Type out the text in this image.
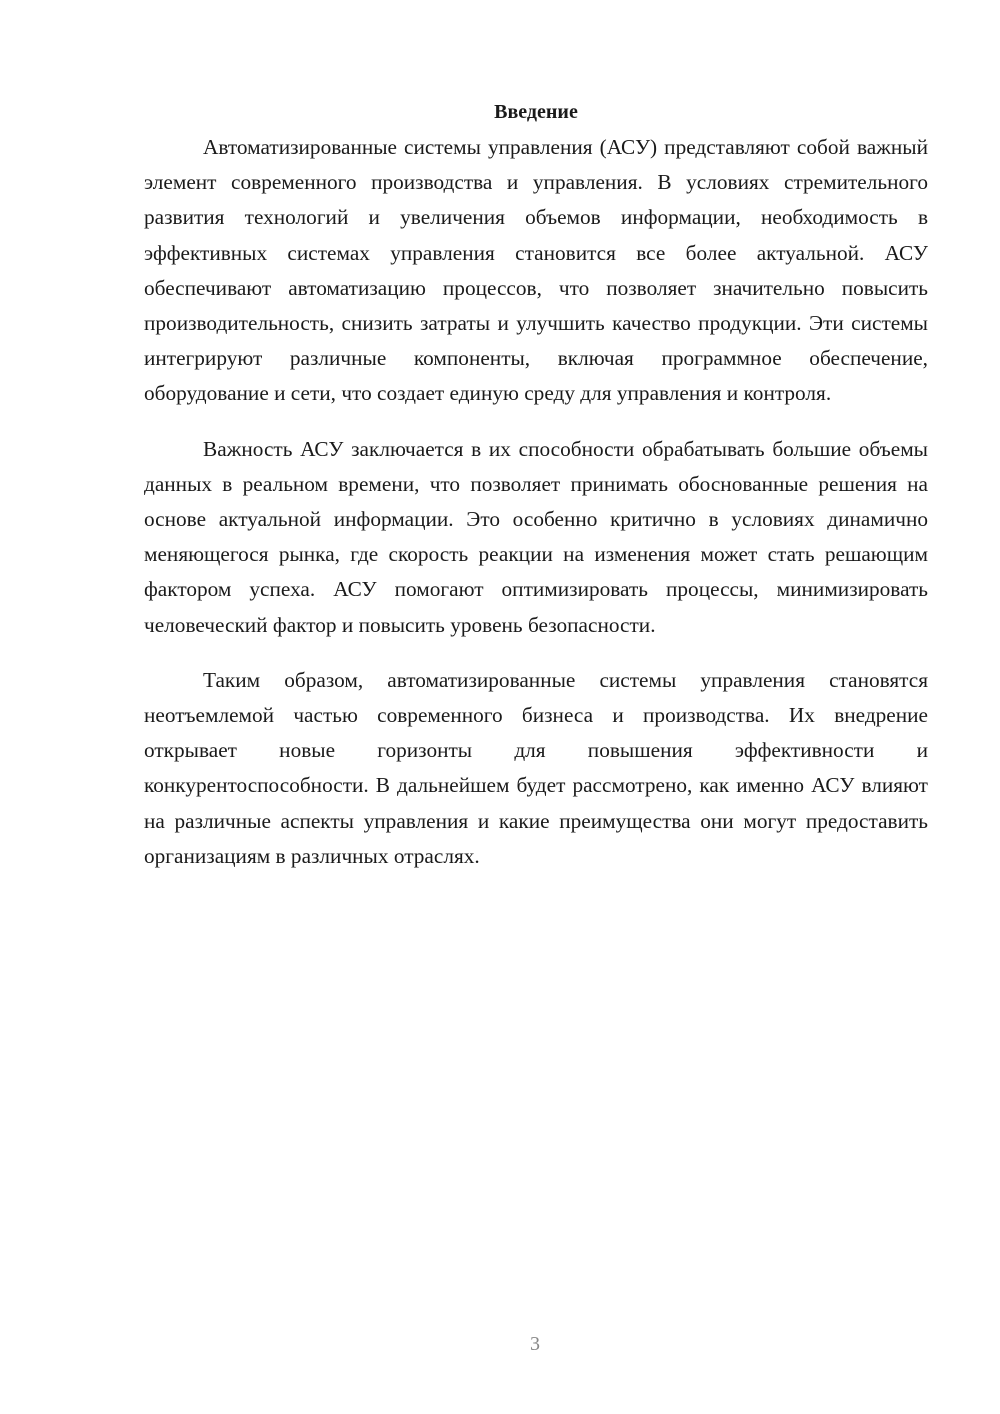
Введение

Автоматизированные системы управления (АСУ) представляют собой важный элемент современного производства и управления. В условиях стремительного развития технологий и увеличения объемов информации, необходимость в эффективных системах управления становится все более актуальной. АСУ обеспечивают автоматизацию процессов, что позволяет значительно повысить производительность, снизить затраты и улучшить качество продукции. Эти системы интегрируют различные компоненты, включая программное обеспечение, оборудование и сети, что создает единую среду для управления и контроля.

Важность АСУ заключается в их способности обрабатывать большие объемы данных в реальном времени, что позволяет принимать обоснованные решения на основе актуальной информации. Это особенно критично в условиях динамично меняющегося рынка, где скорость реакции на изменения может стать решающим фактором успеха. АСУ помогают оптимизировать процессы, минимизировать человеческий фактор и повысить уровень безопасности.

Таким образом, автоматизированные системы управления становятся неотъемлемой частью современного бизнеса и производства. Их внедрение открывает новые горизонты для повышения эффективности и конкурентоспособности. В дальнейшем будет рассмотрено, как именно АСУ влияют на различные аспекты управления и какие преимущества они могут предоставить организациям в различных отраслях.

3
